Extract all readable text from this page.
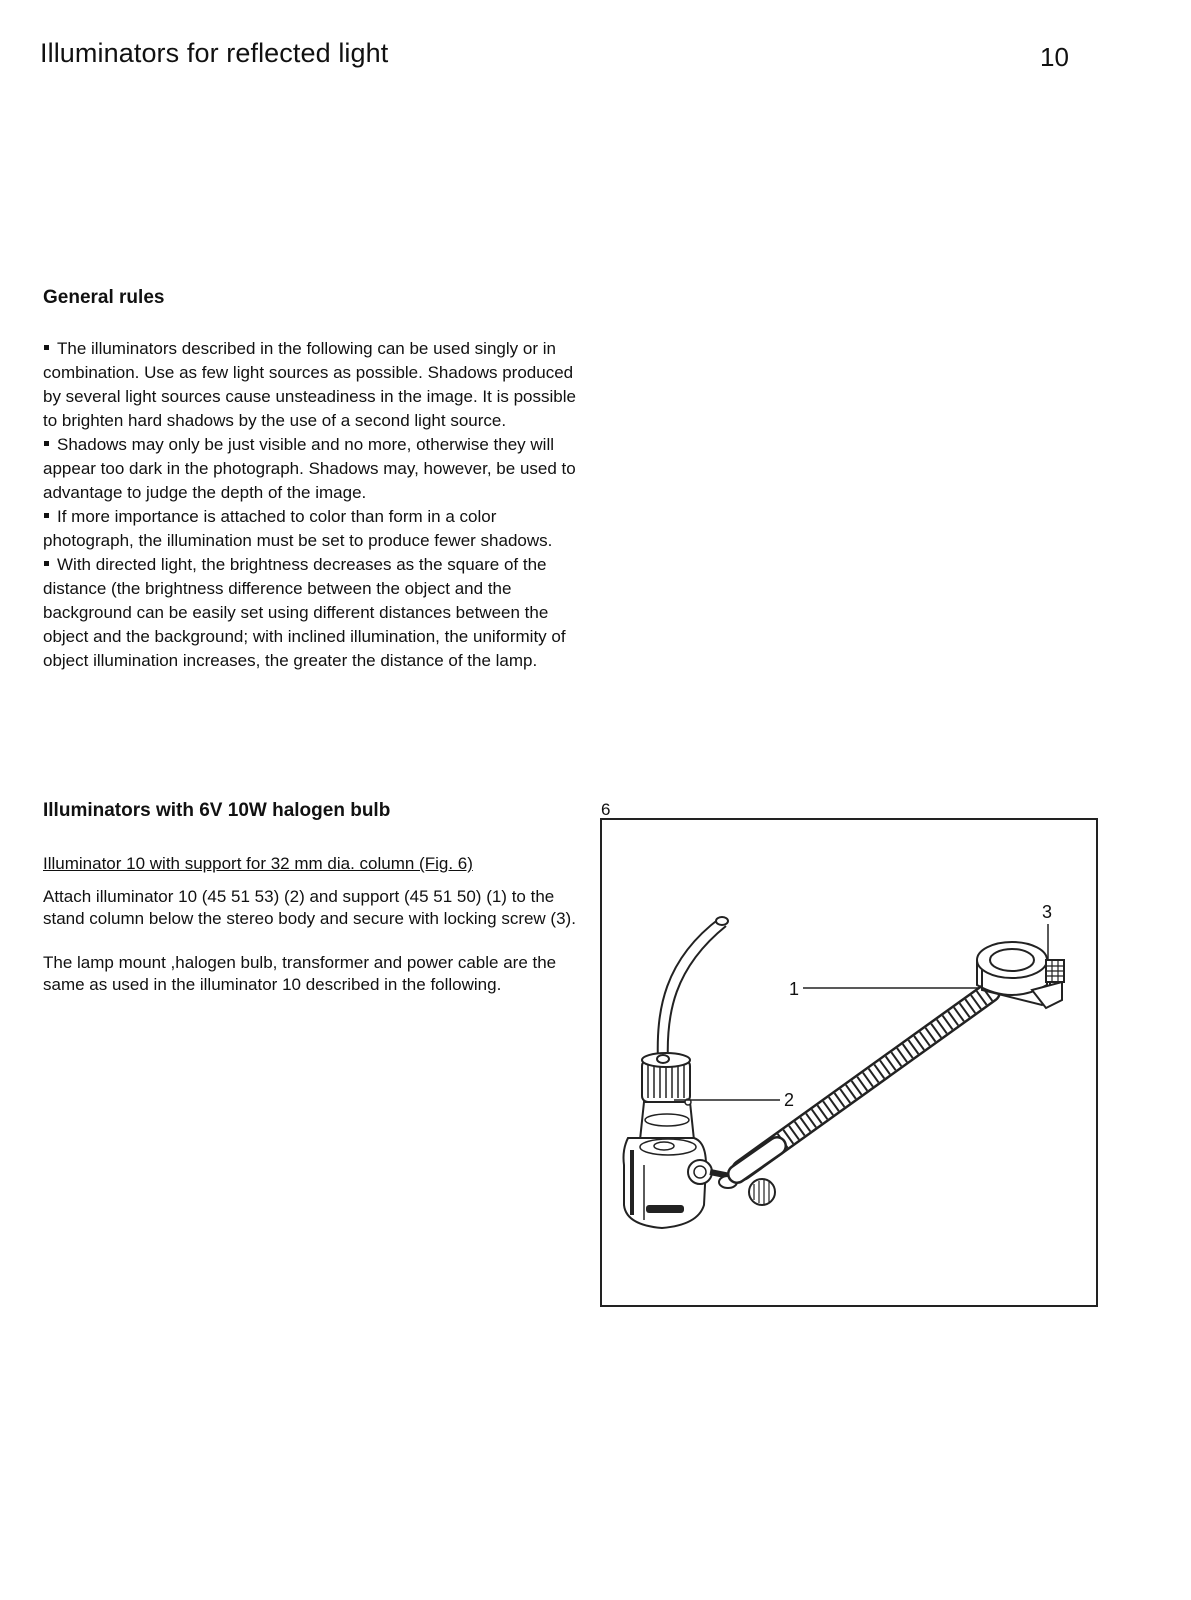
Illuminators for reflected light	10
General rules

The illuminators described in the following can be used singly or in combination. Use as few light sources as possible. Shadows produced by several light sources cause unsteadiness in the image. It is possible to brighten hard shadows by the use of a second light source.

Shadows may only be just visible and no more, otherwise they will appear too dark in the photograph. Shadows may, however, be used to advantage to judge the depth of the image.

If more importance is attached to color than form in a color photograph, the illumination must be set to produce fewer shadows.

With directed light, the brightness decreases as the square of the distance (the brightness difference between the object and the background can be easily set using different distances between the object and the background; with inclined illumination, the uniformity of object illumination increases, the greater the distance of the lamp.

Illuminators with 6V 10W halogen bulb
Illuminator 10 with support for 32 mm dia. column (Fig. 6)

Attach illuminator 10 (45 51 53) (2) and support (45 51 50) (1) to the stand column below the stereo body and secure with locking screw (3).

The lamp mount ,halogen bulb, transformer and power cable are the same as used in the illuminator 10 described in the following.

6
1
2
3
